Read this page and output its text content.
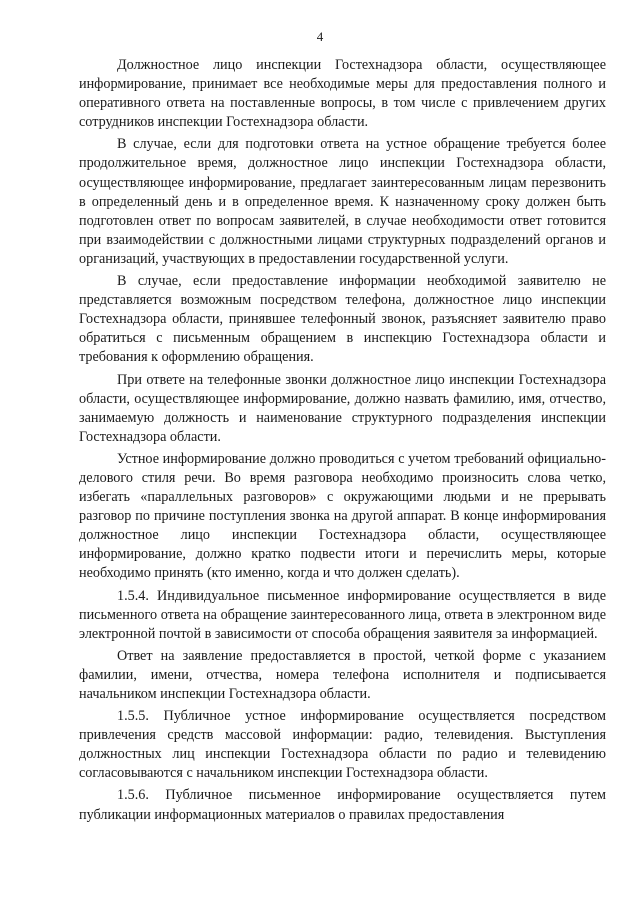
4

Должностное лицо инспекции Гостехнадзора области, осуществляющее информирование, принимает все необходимые меры для предоставления полного и оперативного ответа на поставленные вопросы, в том числе с привлечением других сотрудников инспекции Гостехнадзора области.

В случае, если для подготовки ответа на устное обращение требуется более продолжительное время, должностное лицо инспекции Гостехнадзора области, осуществляющее информирование, предлагает заинтересованным лицам перезвонить в определенный день и в определенное время. К назначенному сроку должен быть подготовлен ответ по вопросам заявителей, в случае необходимости ответ готовится при взаимодействии с должностными лицами структурных подразделений органов и организаций, участвующих в предоставлении государственной услуги.

В случае, если предоставление информации необходимой заявителю не представляется возможным посредством телефона, должностное лицо инспекции Гостехнадзора области, принявшее телефонный звонок, разъясняет заявителю право обратиться с письменным обращением в инспекцию Гостехнадзора области и требования к оформлению обращения.

При ответе на телефонные звонки должностное лицо инспекции Гостехнадзора области, осуществляющее информирование, должно назвать фамилию, имя, отчество, занимаемую должность и наименование структурного подразделения инспекции Гостехнадзора области.

Устное информирование должно проводиться с учетом требований официально-делового стиля речи. Во время разговора необходимо произносить слова четко, избегать «параллельных разговоров» с окружающими людьми и не прерывать разговор по причине поступления звонка на другой аппарат. В конце информирования должностное лицо инспекции Гостехнадзора области, осуществляющее информирование, должно кратко подвести итоги и перечислить меры, которые необходимо принять (кто именно, когда и что должен сделать).

1.5.4. Индивидуальное письменное информирование осуществляется в виде письменного ответа на обращение заинтересованного лица, ответа в электронном виде электронной почтой в зависимости от способа обращения заявителя за информацией.

Ответ на заявление предоставляется в простой, четкой форме с указанием фамилии, имени, отчества, номера телефона исполнителя и подписывается начальником инспекции Гостехнадзора области.

1.5.5. Публичное устное информирование осуществляется посредством привлечения средств массовой информации: радио, телевидения. Выступления должностных лиц инспекции Гостехнадзора области по радио и телевидению согласовываются с начальником инспекции Гостехнадзора области.

1.5.6. Публичное письменное информирование осуществляется путем публикации информационных материалов о правилах предоставления
